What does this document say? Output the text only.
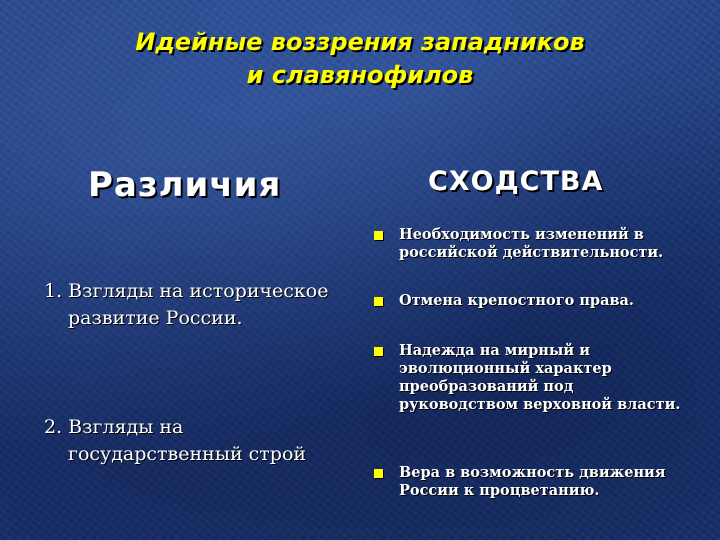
Идейные воззрения западников
и славянофилов
Различия	СХОДСТВА
1. Взгляды на историческое
развитие России.
2. Взгляды на
государственный строй
Необходимость изменений в российской действительности.
Отмена крепостного права.
Надежда на мирный и эволюционный характер преобразований под руководством верховной власти.
Вера в возможность движения России к процветанию.
